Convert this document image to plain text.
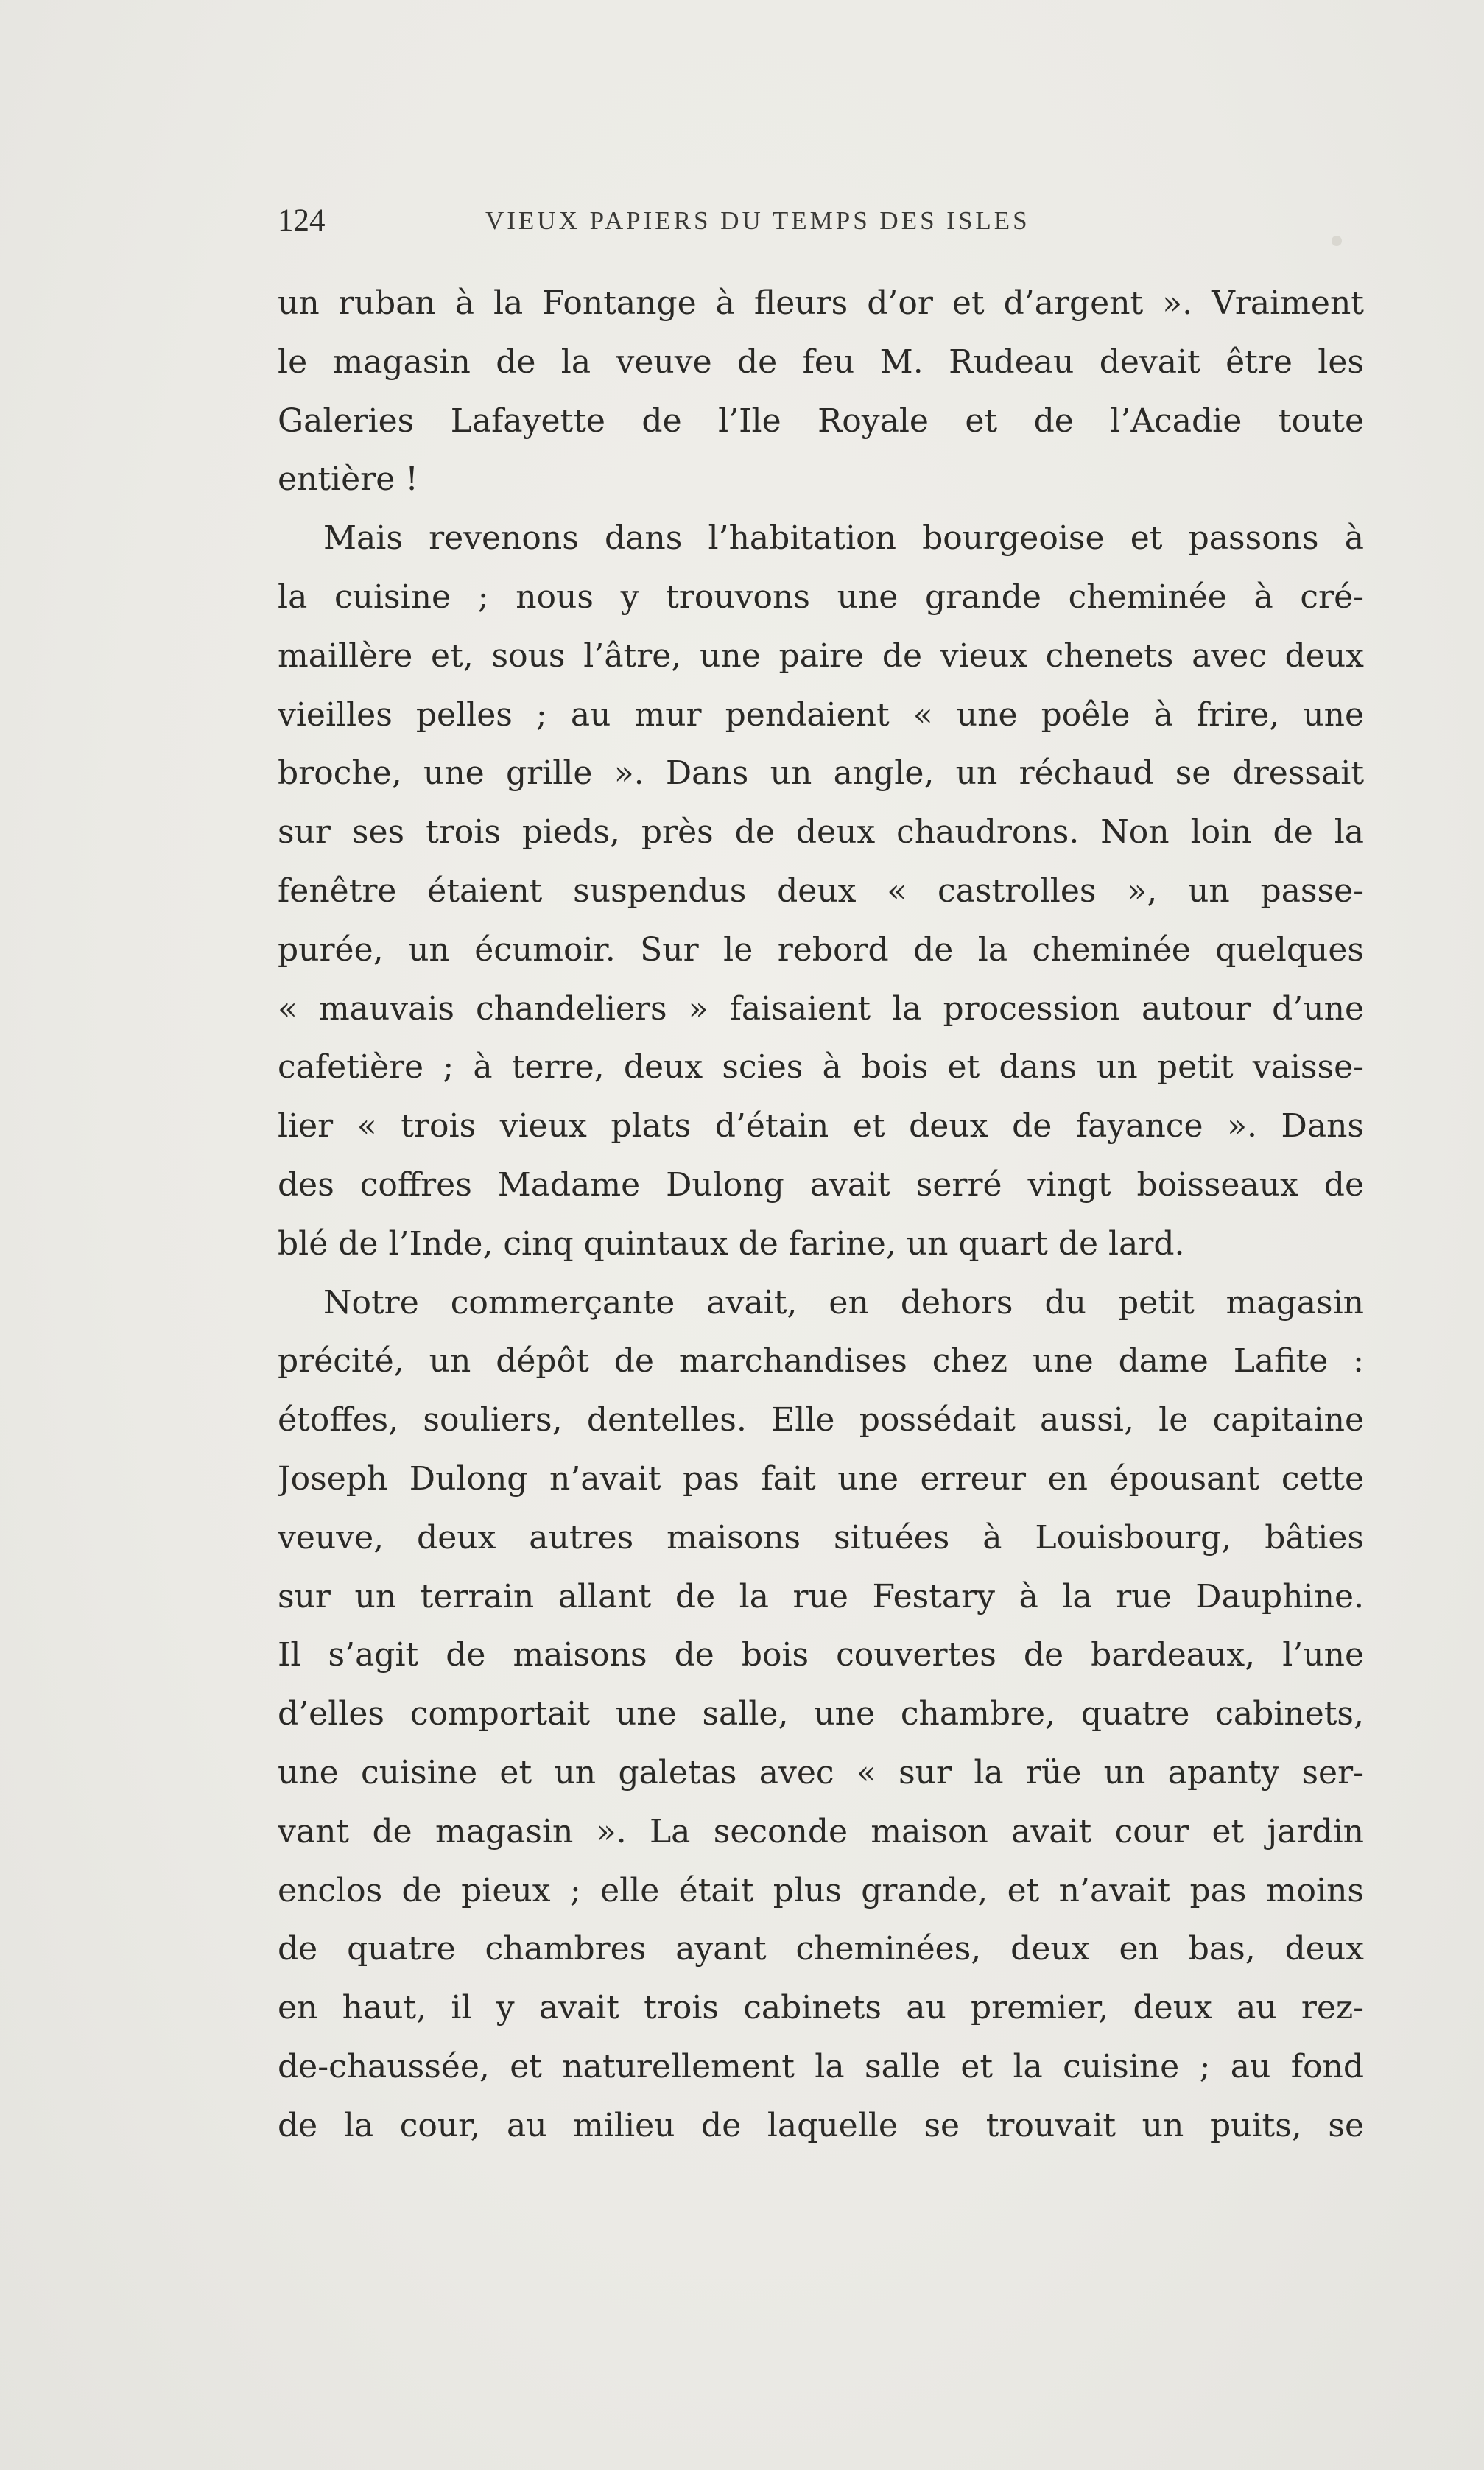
124	VIEUX PAPIERS DU TEMPS DES ISLES
un ruban à la Fontange à fleurs d’or et d’argent ». Vraiment
le magasin de la veuve de feu M. Rudeau devait être les
Galeries Lafayette de l’Ile Royale et de l’Acadie toute
entière !
Mais revenons dans l’habitation bourgeoise et passons à
la cuisine ; nous y trouvons une grande cheminée à cré-
maillère et, sous l’âtre, une paire de vieux chenets avec deux
vieilles pelles ; au mur pendaient « une poêle à frire, une
broche, une grille ». Dans un angle, un réchaud se dressait
sur ses trois pieds, près de deux chaudrons. Non loin de la
fenêtre étaient suspendus deux « castrolles », un passe-
purée, un écumoir. Sur le rebord de la cheminée quelques
« mauvais chandeliers » faisaient la procession autour d’une
cafetière ; à terre, deux scies à bois et dans un petit vaisse-
lier « trois vieux plats d’étain et deux de fayance ». Dans
des coffres Madame Dulong avait serré vingt boisseaux de
blé de l’Inde, cinq quintaux de farine, un quart de lard.
Notre commerçante avait, en dehors du petit magasin
précité, un dépôt de marchandises chez une dame Lafite :
étoffes, souliers, dentelles. Elle possédait aussi, le capitaine
Joseph Dulong n’avait pas fait une erreur en épousant cette
veuve, deux autres maisons situées à Louisbourg, bâties
sur un terrain allant de la rue Festary à la rue Dauphine.
Il s’agit de maisons de bois couvertes de bardeaux, l’une
d’elles comportait une salle, une chambre, quatre cabinets,
une cuisine et un galetas avec « sur la rüe un apanty ser-
vant de magasin ». La seconde maison avait cour et jardin
enclos de pieux ; elle était plus grande, et n’avait pas moins
de quatre chambres ayant cheminées, deux en bas, deux
en haut, il y avait trois cabinets au premier, deux au rez-
de-chaussée, et naturellement la salle et la cuisine ; au fond
de la cour, au milieu de laquelle se trouvait un puits, se
